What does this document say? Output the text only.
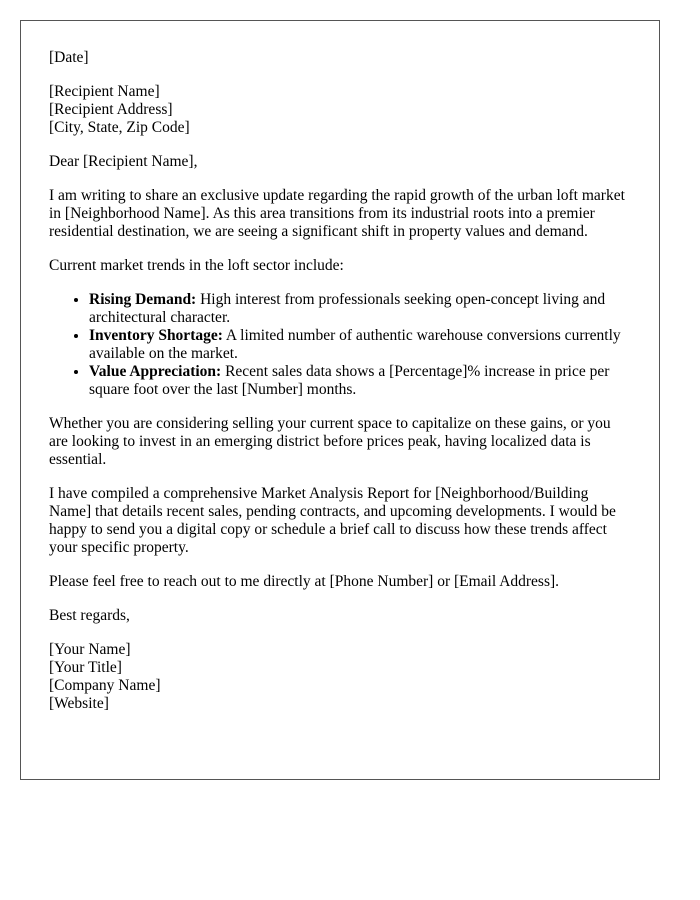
[Date]
[Recipient Name]
[Recipient Address]
[City, State, Zip Code]

Dear [Recipient Name],

I am writing to share an exclusive update regarding the rapid growth of the urban loft market in [Neighborhood Name]. As this area transitions from its industrial roots into a premier residential destination, we are seeing a significant shift in property values and demand.

Current market trends in the loft sector include:

• Rising Demand: High interest from professionals seeking open-concept living and architectural character.
• Inventory Shortage: A limited number of authentic warehouse conversions currently available on the market.
• Value Appreciation: Recent sales data shows a [Percentage]% increase in price per square foot over the last [Number] months.

Whether you are considering selling your current space to capitalize on these gains, or you are looking to invest in an emerging district before prices peak, having localized data is essential.

I have compiled a comprehensive Market Analysis Report for [Neighborhood/Building Name] that details recent sales, pending contracts, and upcoming developments. I would be happy to send you a digital copy or schedule a brief call to discuss how these trends affect your specific property.

Please feel free to reach out to me directly at [Phone Number] or [Email Address].

Best regards,

[Your Name]
[Your Title]
[Company Name]
[Website]
